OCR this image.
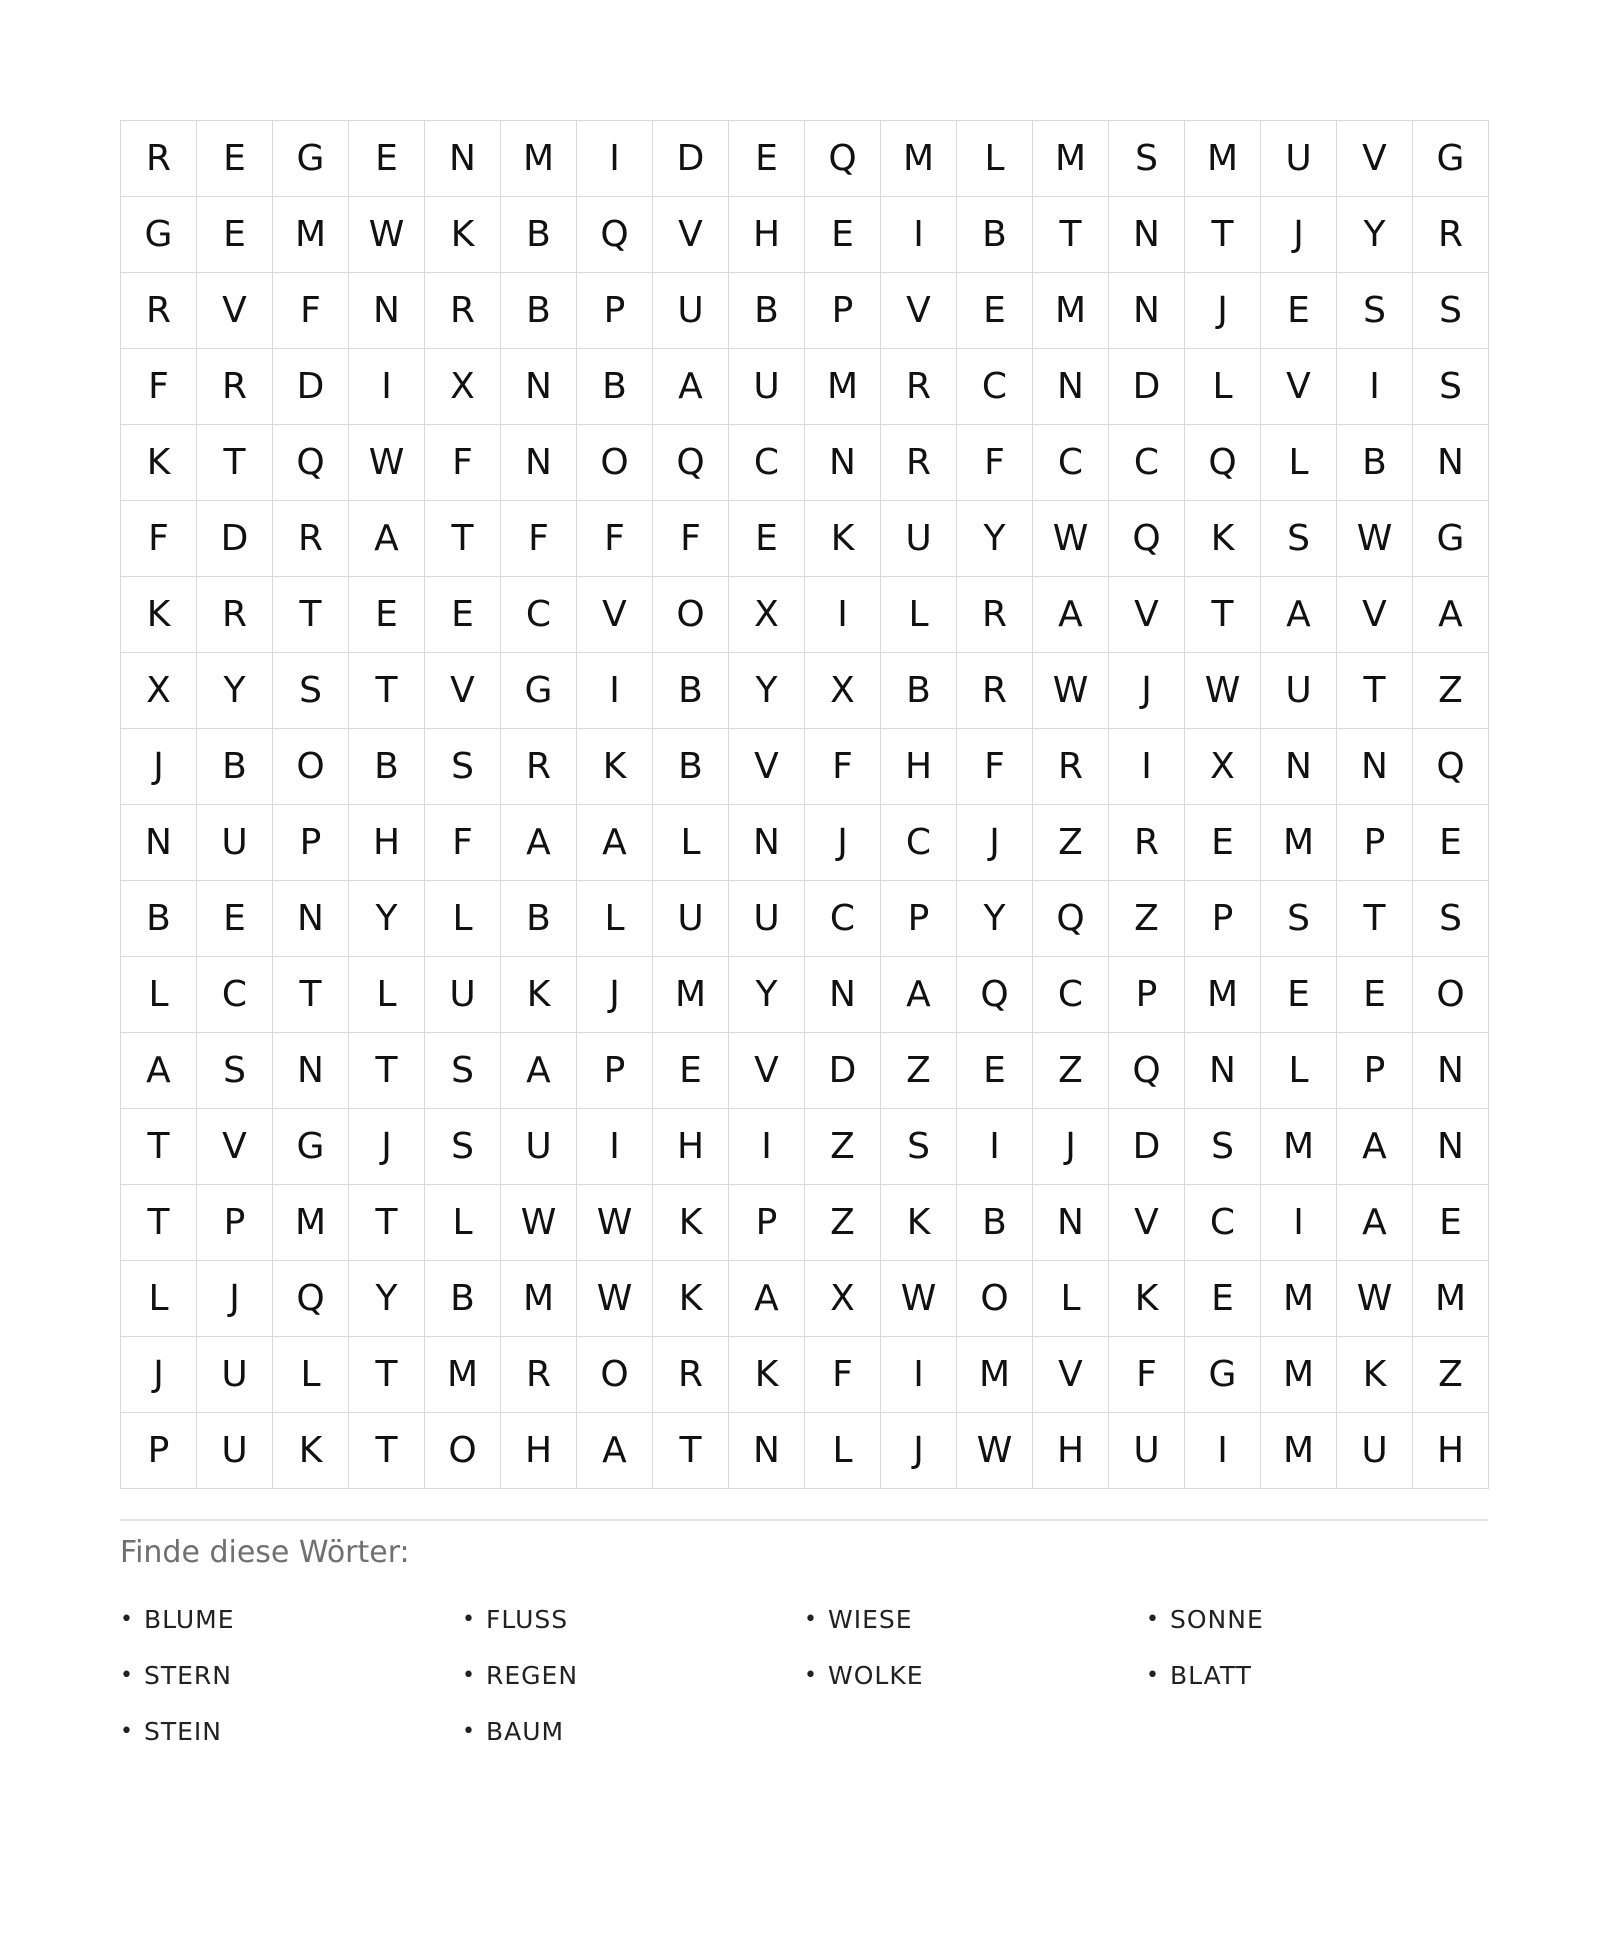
R	E	G	E	N	M	I	D	E	Q	M	L	M	S	M	U	V	G
G	E	M	W	K	B	Q	V	H	E	I	B	T	N	T	J	Y	R
R	V	F	N	R	B	P	U	B	P	V	E	M	N	J	E	S	S
F	R	D	I	X	N	B	A	U	M	R	C	N	D	L	V	I	S
K	T	Q	W	F	N	O	Q	C	N	R	F	C	C	Q	L	B	N
F	D	R	A	T	F	F	F	E	K	U	Y	W	Q	K	S	W	G
K	R	T	E	E	C	V	O	X	I	L	R	A	V	T	A	V	A
X	Y	S	T	V	G	I	B	Y	X	B	R	W	J	W	U	T	Z
J	B	O	B	S	R	K	B	V	F	H	F	R	I	X	N	N	Q
N	U	P	H	F	A	A	L	N	J	C	J	Z	R	E	M	P	E
B	E	N	Y	L	B	L	U	U	C	P	Y	Q	Z	P	S	T	S
L	C	T	L	U	K	J	M	Y	N	A	Q	C	P	M	E	E	O
A	S	N	T	S	A	P	E	V	D	Z	E	Z	Q	N	L	P	N
T	V	G	J	S	U	I	H	I	Z	S	I	J	D	S	M	A	N
T	P	M	T	L	W	W	K	P	Z	K	B	N	V	C	I	A	E
L	J	Q	Y	B	M	W	K	A	X	W	O	L	K	E	M	W	M
J	U	L	T	M	R	O	R	K	F	I	M	V	F	G	M	K	Z
P	U	K	T	O	H	A	T	N	L	J	W	H	U	I	M	U	H
Finde diese Wörter:
• BLUME	• FLUSS	• WIESE	• SONNE
• STERN	• REGEN	• WOLKE	• BLATT
• STEIN	• BAUM
